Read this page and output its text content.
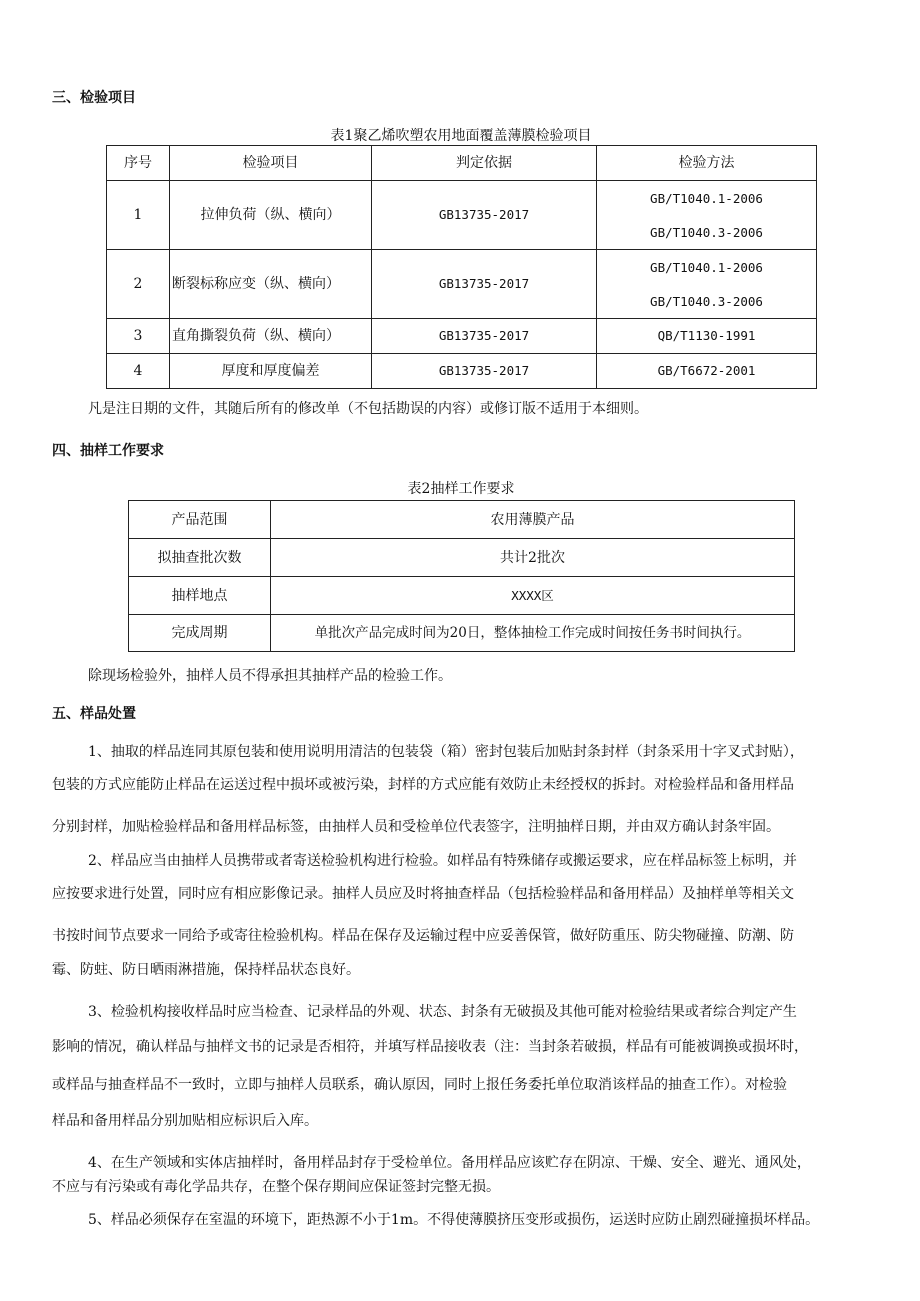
三、检验项目

表1聚乙烯吹塑农用地面覆盖薄膜检验项目

序号	检验项目	判定依据	检验方法
1	拉伸负荷（纵、横向）	GB13735-2017	GB/T1040.1-2006
GB/T1040.3-2006

2	断裂标称应变（纵、横向）	GB13735-2017	GB/T1040.1-2006
GB/T1040.3-2006

3	直角撕裂负荷（纵、横向）	GB13735-2017	QB/T1130-1991
4	厚度和厚度偏差	GB13735-2017	GB/T6672-2001

凡是注日期的文件，其随后所有的修改单（不包括勘误的内容）或修订版不适用于本细则。

四、抽样工作要求

表2抽样工作要求

产品范围	农用薄膜产品
拟抽查批次数	共计2批次
抽样地点	XXXX区
完成周期	单批次产品完成时间为20日，整体抽检工作完成时间按任务书时间执行。

除现场检验外，抽样人员不得承担其抽样产品的检验工作。

五、样品处置

1、抽取的样品连同其原包装和使用说明用清洁的包装袋（箱）密封包装后加贴封条封样（封条采用十字叉式封贴），

包装的方式应能防止样品在运送过程中损坏或被污染，封样的方式应能有效防止未经授权的拆封。对检验样品和备用样品

分别封样，加贴检验样品和备用样品标签，由抽样人员和受检单位代表签字，注明抽样日期，并由双方确认封条牢固。

2、样品应当由抽样人员携带或者寄送检验机构进行检验。如样品有特殊储存或搬运要求，应在样品标签上标明，并

应按要求进行处置，同时应有相应影像记录。抽样人员应及时将抽查样品（包括检验样品和备用样品）及抽样单等相关文

书按时间节点要求一同给予或寄往检验机构。样品在保存及运输过程中应妥善保管，做好防重压、防尖物碰撞、防潮、防

霉、防蛀、防日晒雨淋措施，保持样品状态良好。

3、检验机构接收样品时应当检查、记录样品的外观、状态、封条有无破损及其他可能对检验结果或者综合判定产生

影响的情况，确认样品与抽样文书的记录是否相符，并填写样品接收表（注：当封条若破损，样品有可能被调换或损坏时，

或样品与抽查样品不一致时，立即与抽样人员联系，确认原因，同时上报任务委托单位取消该样品的抽查工作）。对检验

样品和备用样品分别加贴相应标识后入库。

4、在生产领域和实体店抽样时，备用样品封存于受检单位。备用样品应该贮存在阴凉、干燥、安全、避光、通风处，

不应与有污染或有毒化学品共存，在整个保存期间应保证签封完整无损。

5、样品必须保存在室温的环境下，距热源不小于1m。不得使薄膜挤压变形或损伤，运送时应防止剧烈碰撞损坏样品。
